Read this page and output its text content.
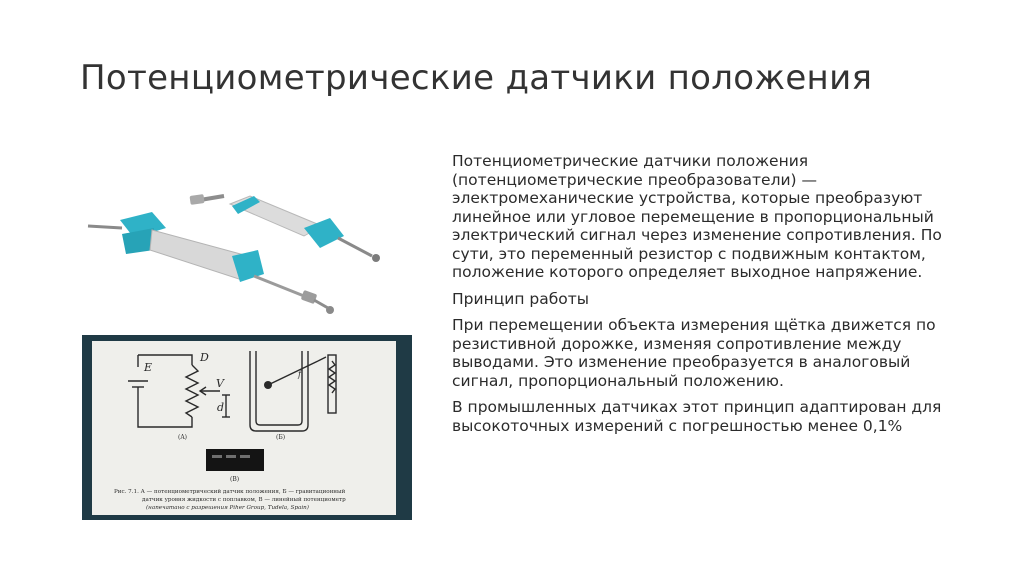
Потенциометрические датчики положения
E
D
V
d
(A)
f
(Б)
(B)
Рис. 7.1. А — потенциометрический датчик положения, Б — гравитационный
датчик уровня жидкости с поплавком, В — линейный потенциометр
(напечатано с разрешения Piher Group, Tudela, Spain)

Потенциометрические датчики положения (потенциометрические преобразователи) — электромеханические устройства, которые преобразуют линейное или угловое перемещение в пропорциональный электрический сигнал через изменение сопротивления. По сути, это переменный резистор с подвижным контактом, положение которого определяет выходное напряжение.

Принцип работы

При перемещении объекта измерения щётка движется по резистивной дорожке, изменяя сопротивление между выводами. Это изменение преобразуется в аналоговый сигнал, пропорциональный положению.

В промышленных датчиках этот принцип адаптирован для высокоточных измерений с погрешностью менее 0,1%
